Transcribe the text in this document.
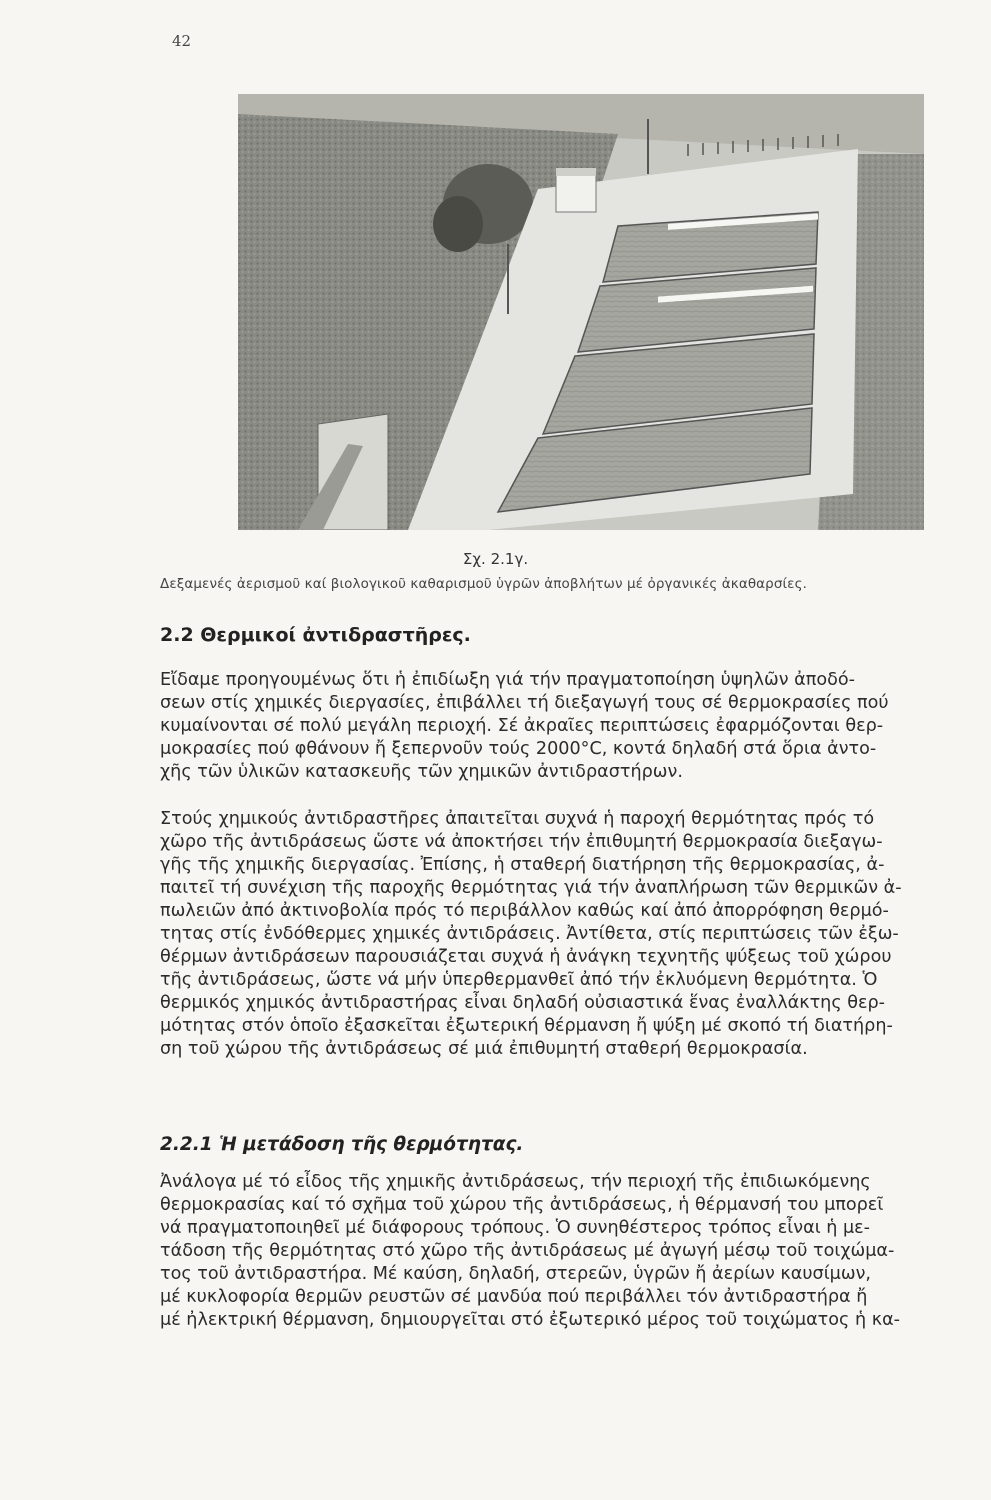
42
Σχ. 2.1γ.
Δεξαμενές ἀερισμοῦ καί βιολογικοῦ καθαρισμοῦ ὑγρῶν ἀποβλήτων μέ ὀργανικές ἀκαθαρσίες.
2.2 Θερμικοί ἀντιδραστῆρες.
Εἴδαμε προηγουμένως ὅτι ἡ ἐπιδίωξη γιά τήν πραγματοποίηση ὑψηλῶν ἀποδό-
σεων στίς χημικές διεργασίες, ἐπιβάλλει τή διεξαγωγή τους σέ θερμοκρασίες πού
κυμαίνονται σέ πολύ μεγάλη περιοχή. Σέ ἀκραῖες περιπτώσεις ἐφαρμόζονται θερ-
μοκρασίες πού φθάνουν ἤ ξεπερνοῦν τούς 2000°C, κοντά δηλαδή στά ὅρια ἀντο-
χῆς τῶν ὑλικῶν κατασκευῆς τῶν χημικῶν ἀντιδραστήρων.
Στούς χημικούς ἀντιδραστῆρες ἀπαιτεῖται συχνά ἡ παροχή θερμότητας πρός τό
χῶρο τῆς ἀντιδράσεως ὥστε νά ἀποκτήσει τήν ἐπιθυμητή θερμοκρασία διεξαγω-
γῆς τῆς χημικῆς διεργασίας. Ἐπίσης, ἡ σταθερή διατήρηση τῆς θερμοκρασίας, ἀ-
παιτεῖ τή συνέχιση τῆς παροχῆς θερμότητας γιά τήν ἀναπλήρωση τῶν θερμικῶν ἀ-
πωλειῶν ἀπό ἀκτινοβολία πρός τό περιβάλλον καθώς καί ἀπό ἀπορρόφηση θερμό-
τητας στίς ἐνδόθερμες χημικές ἀντιδράσεις. Ἀντίθετα, στίς περιπτώσεις τῶν ἐξω-
θέρμων ἀντιδράσεων παρουσιάζεται συχνά ἡ ἀνάγκη τεχνητῆς ψύξεως τοῦ χώρου
τῆς ἀντιδράσεως, ὥστε νά μήν ὑπερθερμανθεῖ ἀπό τήν ἐκλυόμενη θερμότητα. Ὁ
θερμικός χημικός ἀντιδραστήρας εἶναι δηλαδή οὐσιαστικά ἕνας ἐναλλάκτης θερ-
μότητας στόν ὁποῖο ἐξασκεῖται ἐξωτερική θέρμανση ἤ ψύξη μέ σκοπό τή διατήρη-
ση τοῦ χώρου τῆς ἀντιδράσεως σέ μιά ἐπιθυμητή σταθερή θερμοκρασία.
2.2.1 Ἡ μετάδοση τῆς θερμότητας.
Ἀνάλογα μέ τό εἶδος τῆς χημικῆς ἀντιδράσεως, τήν περιοχή τῆς ἐπιδιωκόμενης
θερμοκρασίας καί τό σχῆμα τοῦ χώρου τῆς ἀντιδράσεως, ἡ θέρμανσή του μπορεῖ
νά πραγματοποιηθεῖ μέ διάφορους τρόπους. Ὁ συνηθέστερος τρόπος εἶναι ἡ με-
τάδοση τῆς θερμότητας στό χῶρο τῆς ἀντιδράσεως μέ ἀγωγή μέσῳ τοῦ τοιχώμα-
τος τοῦ ἀντιδραστήρα. Μέ καύση, δηλαδή, στερεῶν, ὑγρῶν ἤ ἀερίων καυσίμων,
μέ κυκλοφορία θερμῶν ρευστῶν σέ μανδύα πού περιβάλλει τόν ἀντιδραστήρα ἤ
μέ ἠλεκτρική θέρμανση, δημιουργεῖται στό ἐξωτερικό μέρος τοῦ τοιχώματος ἡ κα-
